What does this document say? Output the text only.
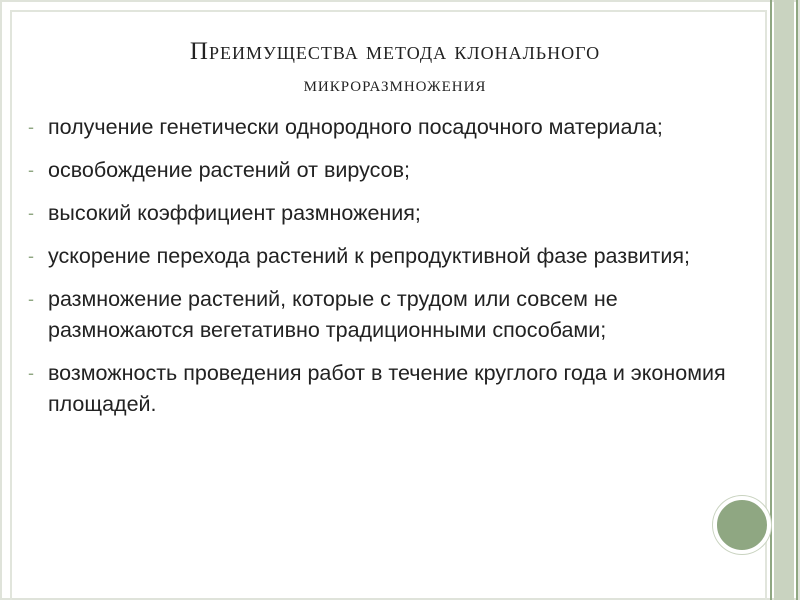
Преимущества метода клонального
микроразмножения
- получение генетически однородного посадочного материала;
- освобождение растений от вирусов;
- высокий коэффициент размножения;
- ускорение перехода растений к репродуктивной фазе развития;
- размножение растений, которые с трудом или совсем не размножаются вегетативно традиционными способами;
- возможность проведения работ в течение круглого года и экономия площадей.
